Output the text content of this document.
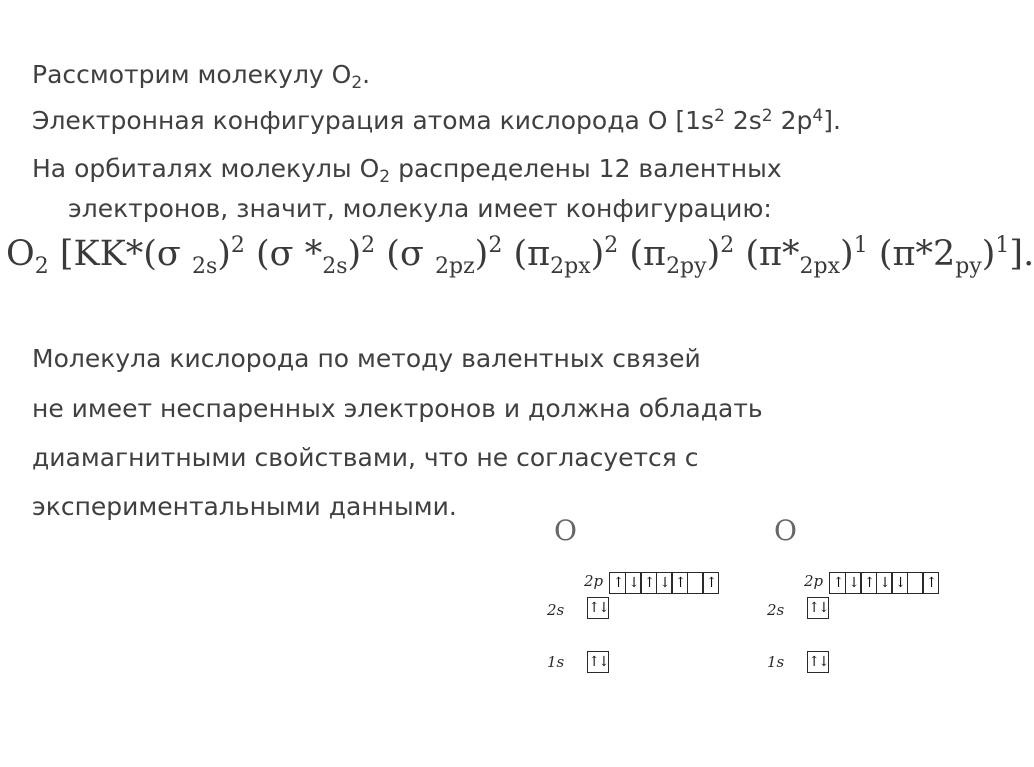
Рассмотрим молекулу $O_2$.
Электронная конфигурация атома кислорода O [$1s^2$ $2s^2$ $2p^4$].
На орбиталях молекулы $O_2$ распределены 12 валентных
электронов, значит, молекула имеет конфигурацию:
$O_2$ [KK*(σ $_{2s}$)$^2$ (σ $*_{2s})^2$ (σ $_{2pz}$)$^2$ $(\pi_{2px})^2$ $(\pi_{2py})^2$ $(\pi*_{2px})^1$ $(\pi*2_{py})^1$].
Молекула кислорода по методу валентных связей
не имеет неспаренных электронов и должна обладать
диамагнитными свойствами, что не согласуется с
экспериментальными данными.
O
2p ↑ ↓ ↑ ↓ ↑ ↑
2s ↑↓
1s ↑↓
O
2p ↑ ↓ ↑ ↓ ↓ ↑
2s ↑↓
1s ↑↓
